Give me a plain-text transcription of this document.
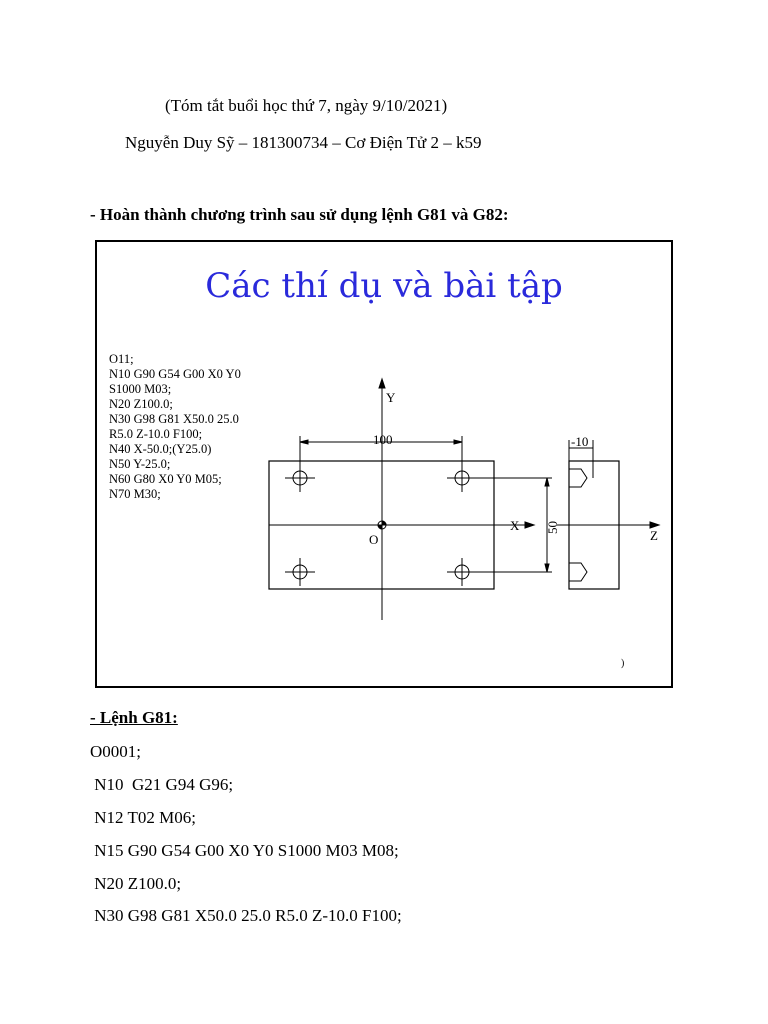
(Tóm tắt buổi học thứ 7, ngày 9/10/2021)
Nguyễn Duy Sỹ – 181300734 – Cơ Điện Tử 2 – k59
- Hoàn thành chương trình sau sử dụng lệnh G81 và G82:
Các thí dụ và bài tập
O11;
N10 G90 G54 G00 X0 Y0
S1000 M03;
N20 Z100.0;
N30 G98 G81 X50.0 25.0
R5.0 Z-10.0 F100;
N40 X-50.0;(Y25.0)
N50 Y-25.0;
N60 G80 X0 Y0 M05;
N70 M30;
Y
X
Z
O
100
50
-10
)
- Lệnh G81:
O0001;
N10  G21 G94 G96;
N12 T02 M06;
N15 G90 G54 G00 X0 Y0 S1000 M03 M08;
N20 Z100.0;
N30 G98 G81 X50.0 25.0 R5.0 Z-10.0 F100;
